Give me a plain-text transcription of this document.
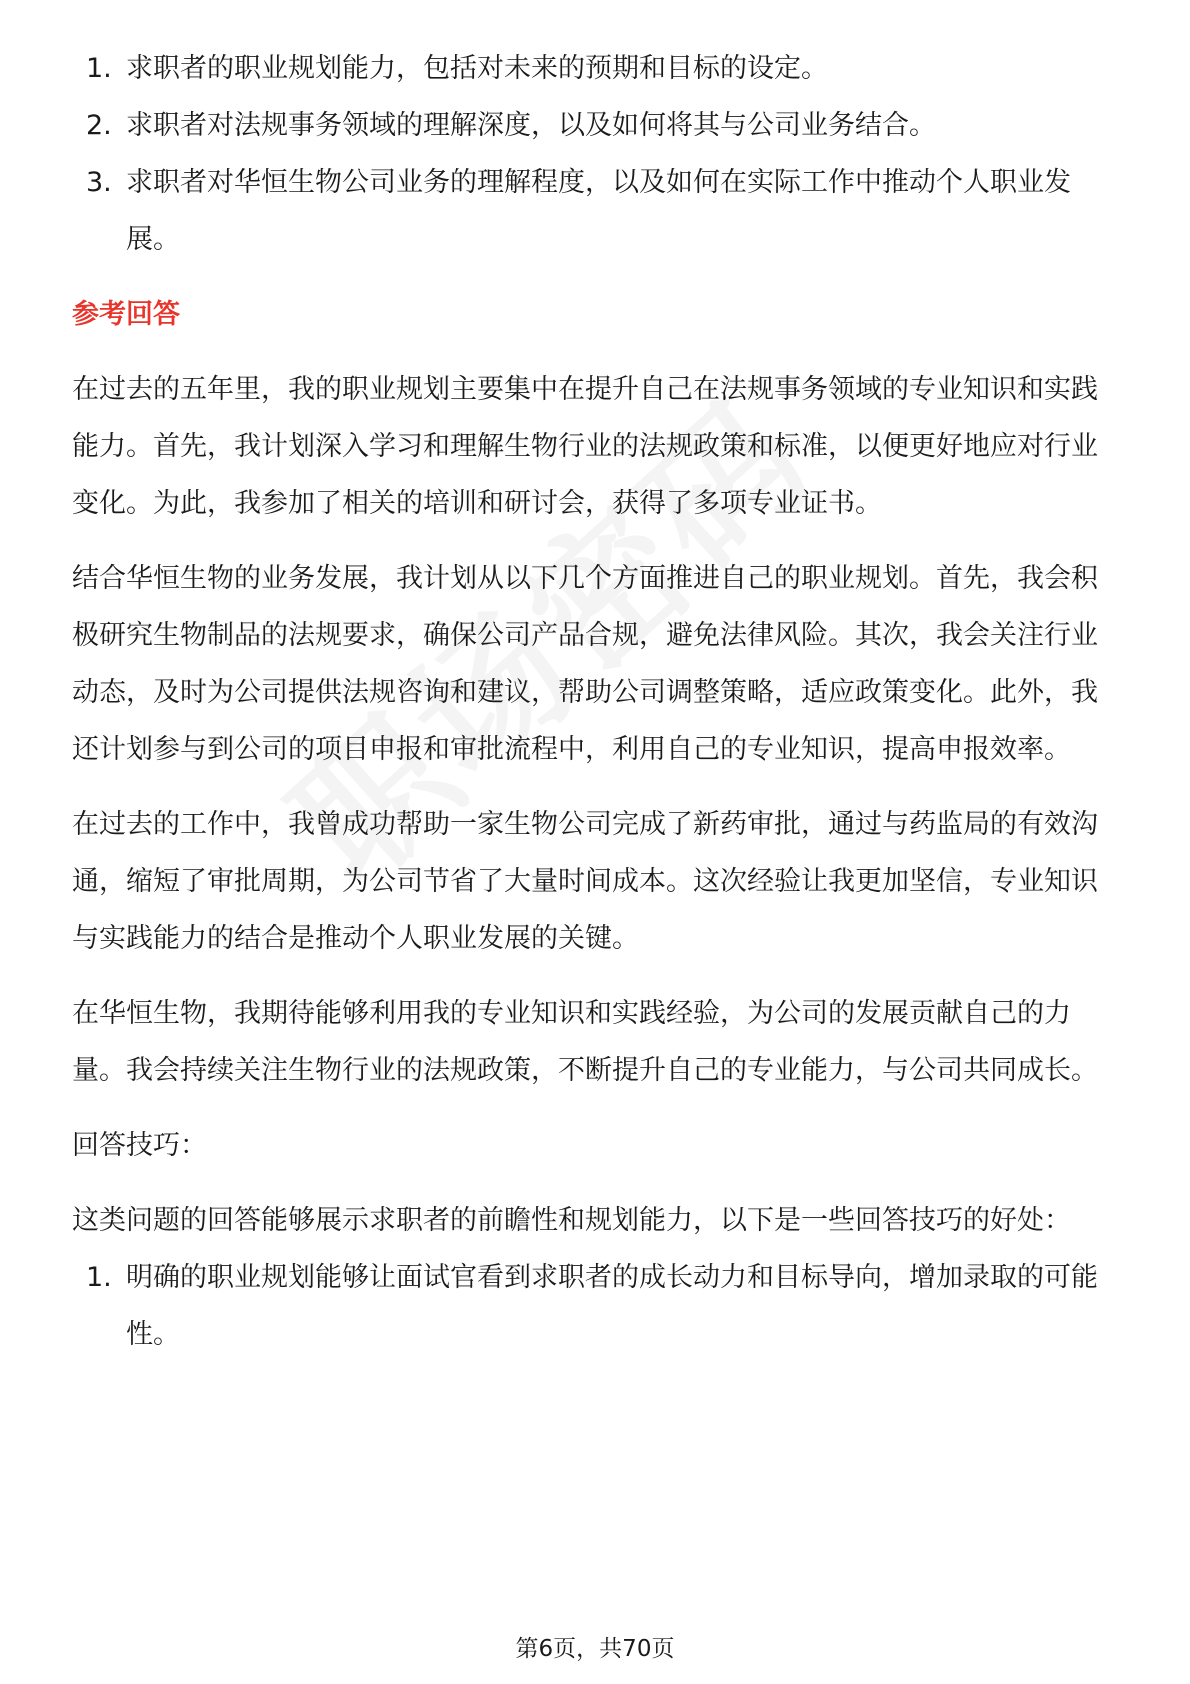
1. 求职者的职业规划能力，包括对未来的预期和目标的设定。
2. 求职者对法规事务领域的理解深度，以及如何将其与公司业务结合。
3. 求职者对华恒生物公司业务的理解程度，以及如何在实际工作中推动个人职业发展。
参考回答

在过去的五年里，我的职业规划主要集中在提升自己在法规事务领域的专业知识和实践能力。首先，我计划深入学习和理解生物行业的法规政策和标准，以便更好地应对行业变化。为此，我参加了相关的培训和研讨会，获得了多项专业证书。

结合华恒生物的业务发展，我计划从以下几个方面推进自己的职业规划。首先，我会积极研究生物制品的法规要求，确保公司产品合规，避免法律风险。其次，我会关注行业动态，及时为公司提供法规咨询和建议，帮助公司调整策略，适应政策变化。此外，我还计划参与到公司的项目申报和审批流程中，利用自己的专业知识，提高申报效率。

在过去的工作中，我曾成功帮助一家生物公司完成了新药审批，通过与药监局的有效沟通，缩短了审批周期，为公司节省了大量时间成本。这次经验让我更加坚信，专业知识与实践能力的结合是推动个人职业发展的关键。

在华恒生物，我期待能够利用我的专业知识和实践经验，为公司的发展贡献自己的力量。我会持续关注生物行业的法规政策，不断提升自己的专业能力，与公司共同成长。

回答技巧：

这类问题的回答能够展示求职者的前瞻性和规划能力，以下是一些回答技巧的好处：

1. 明确的职业规划能够让面试官看到求职者的成长动力和目标导向，增加录取的可能性。
第6页，共70页
